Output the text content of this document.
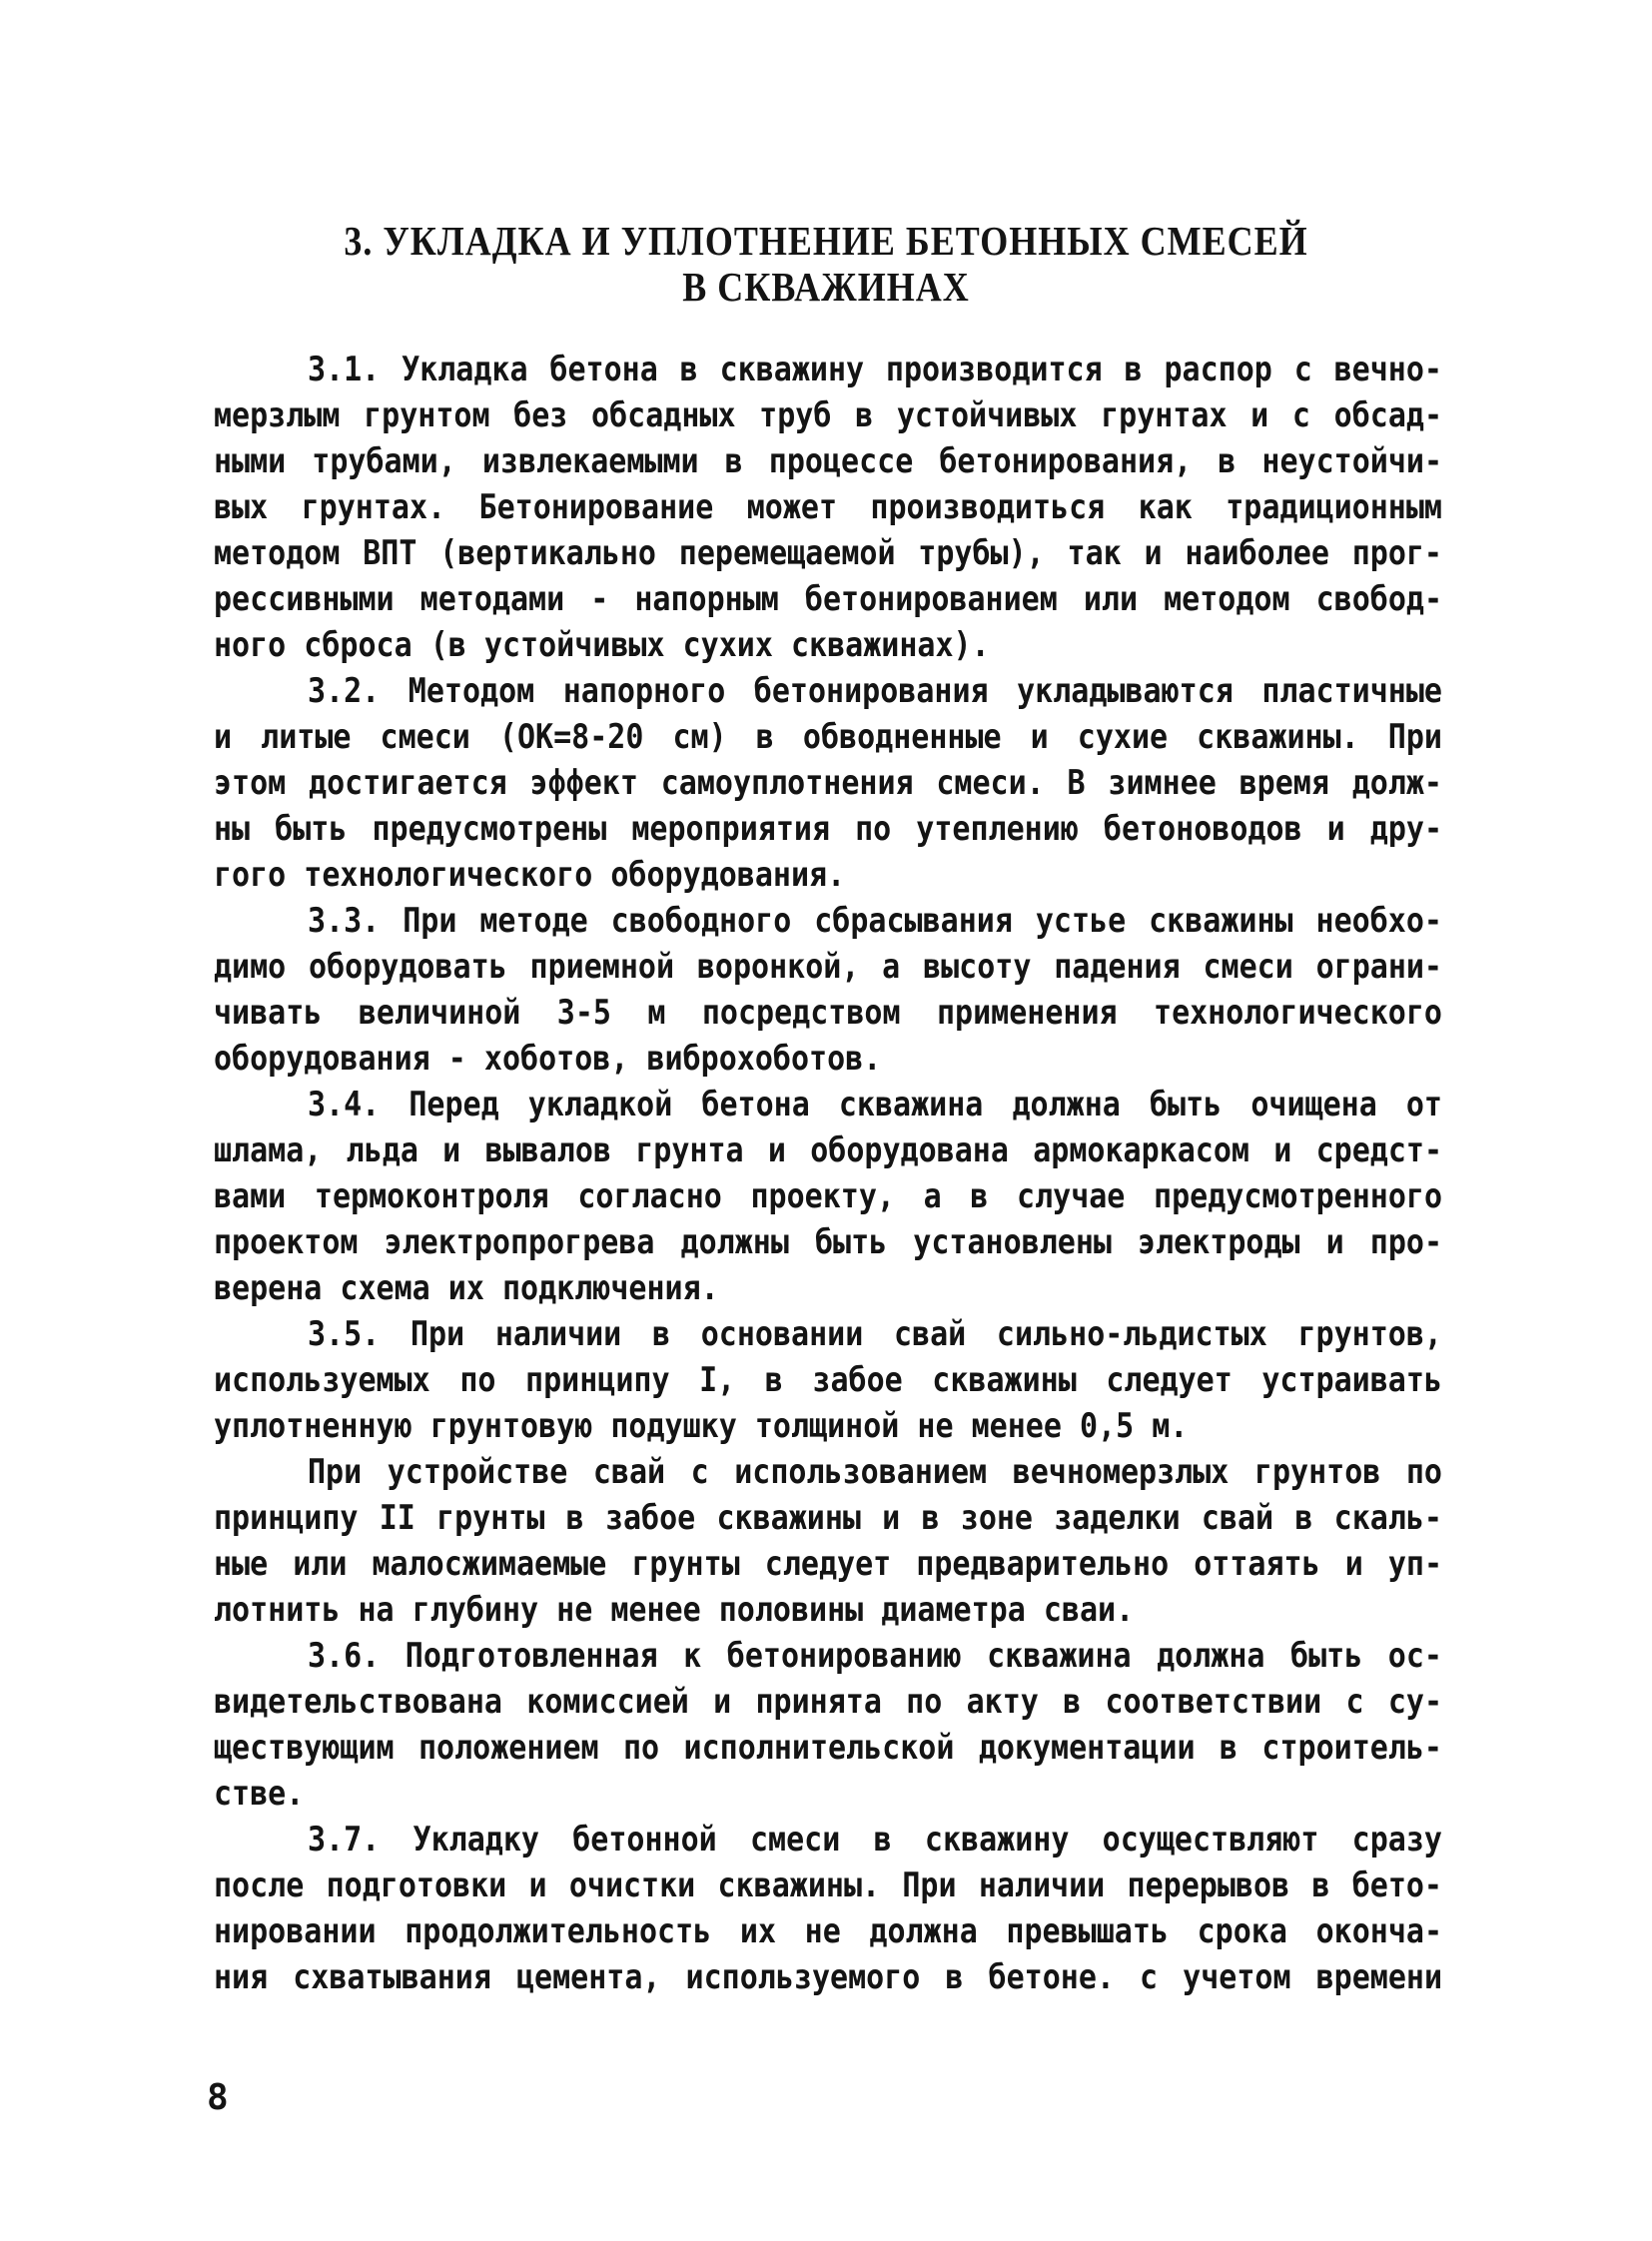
3. УКЛАДКА И УПЛОТНЕНИЕ БЕТОННЫХ СМЕСЕЙ
В СКВАЖИНАХ
3.1. Укладка бетона в скважину производится в распор с вечно-
мерзлым грунтом без обсадных труб в устойчивых грунтах и с обсад-
ными трубами, извлекаемыми в процессе бетонирования, в неустойчи-
вых грунтах. Бетонирование может производиться как традиционным
методом ВПТ (вертикально перемещаемой трубы), так и наиболее прог-
рессивными методами - напорным бетонированием или методом свобод-
ного сброса (в устойчивых сухих скважинах).
3.2. Методом напорного бетонирования укладываются пластичные
и литые смеси (ОК=8-20 см) в обводненные и сухие скважины. При
этом достигается эффект самоуплотнения смеси. В зимнее время долж-
ны быть предусмотрены мероприятия по утеплению бетоноводов и дру-
гого технологического оборудования.
3.3. При методе свободного сбрасывания устье скважины необхо-
димо оборудовать приемной воронкой, а высоту падения смеси ограни-
чивать величиной 3-5 м посредством применения технологического
оборудования - хоботов, виброхоботов.
3.4. Перед укладкой бетона скважина должна быть очищена от
шлама, льда и вывалов грунта и оборудована армокаркасом и средст-
вами термоконтроля согласно проекту, а в случае предусмотренного
проектом электропрогрева должны быть установлены электроды и про-
верена схема их подключения.
3.5. При наличии в основании свай сильно-льдистых грунтов,
используемых по принципу I, в забое скважины следует устраивать
уплотненную грунтовую подушку толщиной не менее 0,5 м.
При устройстве свай с использованием вечномерзлых грунтов по
принципу II грунты в забое скважины и в зоне заделки свай в скаль-
ные или малосжимаемые грунты следует предварительно оттаять и уп-
лотнить на глубину не менее половины диаметра сваи.
3.6. Подготовленная к бетонированию скважина должна быть ос-
видетельствована комиссией и принята по акту в соответствии с су-
ществующим положением по исполнительской документации в строитель-
стве.
3.7. Укладку бетонной смеси в скважину осуществляют сразу
после подготовки и очистки скважины. При наличии перерывов в бето-
нировании продолжительность их не должна превышать срока оконча-
ния схватывания цемента, используемого в бетоне. с учетом времени
8
